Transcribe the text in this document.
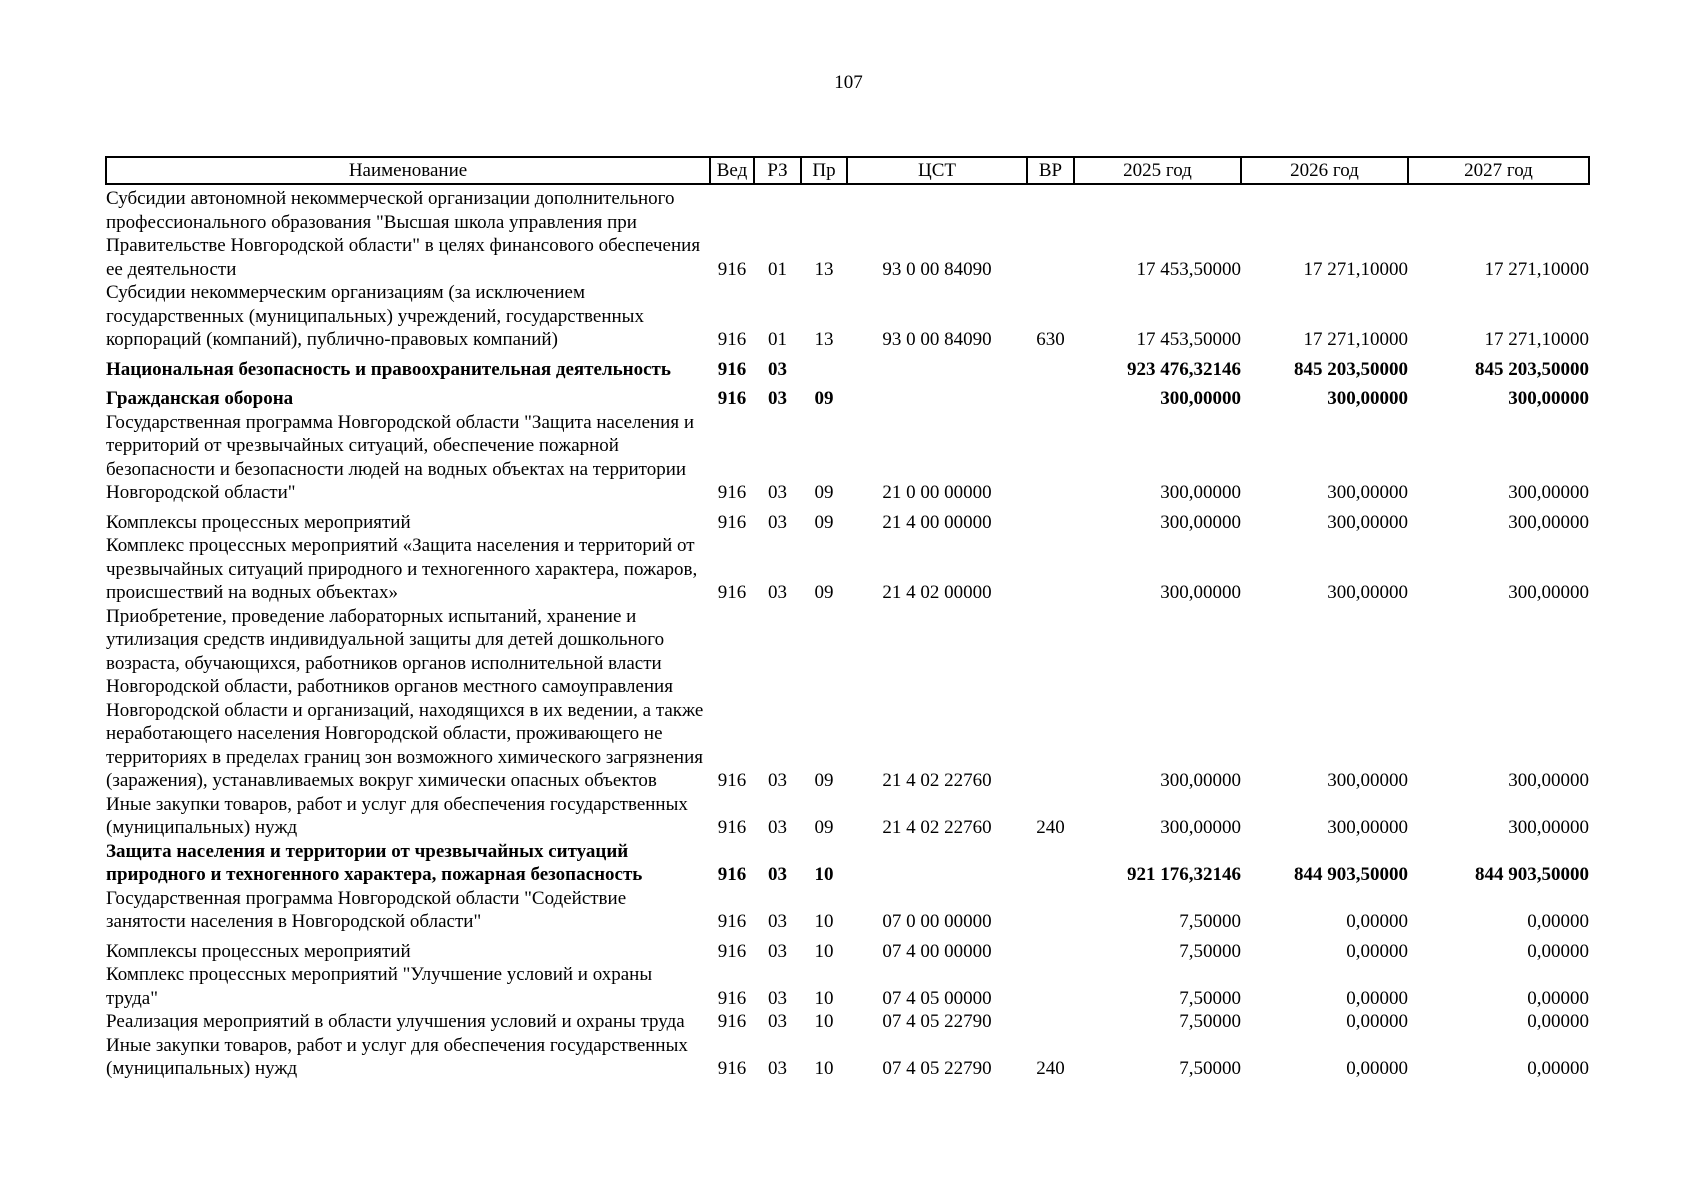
107
Наименование	Вед	РЗ	Пр	ЦСТ	ВР	2025 год	2026 год	2027 год
Субсидии автономной некоммерческой организации дополнительного профессионального образования "Высшая школа управления при Правительстве Новгородской области" в целях финансового обеспечения ее деятельности	916	01	13	93 0 00 84090		17 453,50000	17 271,10000	17 271,10000
Субсидии некоммерческим организациям (за исключением государственных (муниципальных) учреждений, государственных корпораций (компаний), публично-правовых компаний)	916	01	13	93 0 00 84090	630	17 453,50000	17 271,10000	17 271,10000
Национальная безопасность и правоохранительная деятельность	916	03				923 476,32146	845 203,50000	845 203,50000
Гражданская оборона	916	03	09			300,00000	300,00000	300,00000
Государственная программа Новгородской области "Защита населения и территорий от чрезвычайных ситуаций, обеспечение пожарной безопасности и безопасности людей на водных объектах на территории Новгородской области"	916	03	09	21 0 00 00000		300,00000	300,00000	300,00000
Комплексы процессных мероприятий	916	03	09	21 4 00 00000		300,00000	300,00000	300,00000
Комплекс процессных мероприятий «Защита населения и территорий от чрезвычайных ситуаций природного и техногенного характера, пожаров, происшествий на водных объектах»	916	03	09	21 4 02 00000		300,00000	300,00000	300,00000
Приобретение, проведение лабораторных испытаний, хранение и утилизация средств индивидуальной защиты для детей дошкольного возраста, обучающихся, работников органов исполнительной власти Новгородской области, работников органов местного самоуправления Новгородской области и организаций, находящихся в их ведении, а также неработающего населения Новгородской области, проживающего не территориях в пределах границ зон возможного химического загрязнения (заражения), устанавливаемых вокруг химически опасных объектов	916	03	09	21 4 02 22760		300,00000	300,00000	300,00000
Иные закупки товаров, работ и услуг для обеспечения государственных (муниципальных) нужд	916	03	09	21 4 02 22760	240	300,00000	300,00000	300,00000
Защита населения и территории от чрезвычайных ситуаций природного и техногенного характера, пожарная безопасность	916	03	10			921 176,32146	844 903,50000	844 903,50000
Государственная программа Новгородской области "Содействие занятости населения в Новгородской области"	916	03	10	07 0 00 00000		7,50000	0,00000	0,00000
Комплексы процессных мероприятий	916	03	10	07 4 00 00000		7,50000	0,00000	0,00000
Комплекс процессных мероприятий "Улучшение условий и охраны труда"	916	03	10	07 4 05 00000		7,50000	0,00000	0,00000
Реализация мероприятий в области улучшения условий и охраны труда	916	03	10	07 4 05 22790		7,50000	0,00000	0,00000
Иные закупки товаров, работ и услуг для обеспечения государственных (муниципальных) нужд	916	03	10	07 4 05 22790	240	7,50000	0,00000	0,00000
